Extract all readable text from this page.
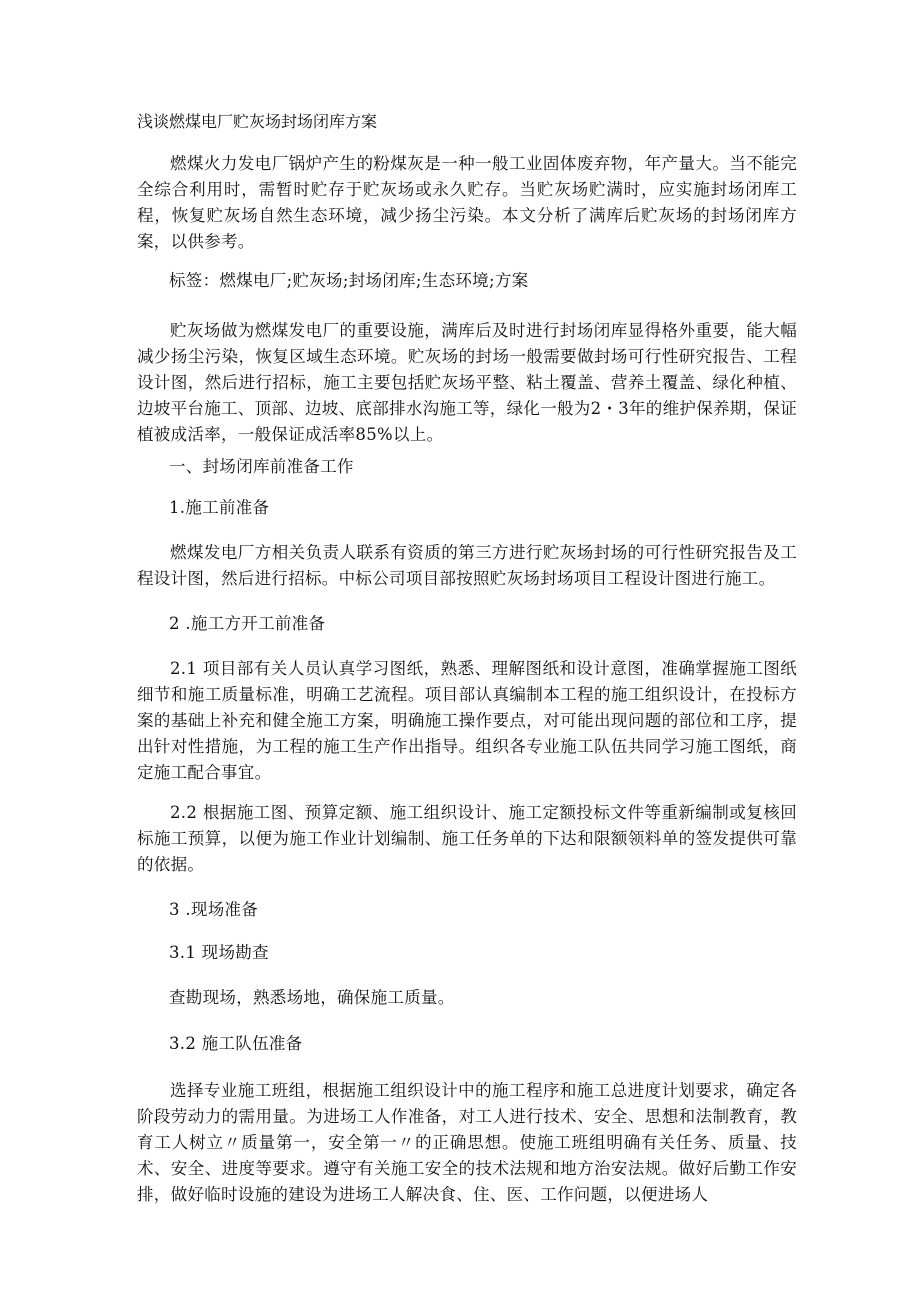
浅谈燃煤电厂贮灰场封场闭库方案

燃煤火力发电厂锅炉产生的粉煤灰是一种一般工业固体废弃物，年产量大。当不能完全综合利用时，需暂时贮存于贮灰场或永久贮存。当贮灰场贮满时，应实施封场闭库工程，恢复贮灰场自然生态环境，减少扬尘污染。本文分析了满库后贮灰场的封场闭库方案，以供参考。

标签：燃煤电厂;贮灰场;封场闭库;生态环境;方案

贮灰场做为燃煤发电厂的重要设施，满库后及时进行封场闭库显得格外重要，能大幅减少扬尘污染，恢复区域生态环境。贮灰场的封场一般需要做封场可行性研究报告、工程设计图，然后进行招标，施工主要包括贮灰场平整、粘土覆盖、营养土覆盖、绿化种植、边坡平台施工、顶部、边坡、底部排水沟施工等，绿化一般为2・3年的维护保养期，保证植被成活率，一般保证成活率85%以上。

一、封场闭库前准备工作

1.施工前准备

燃煤发电厂方相关负责人联系有资质的第三方进行贮灰场封场的可行性研究报告及工程设计图，然后进行招标。中标公司项目部按照贮灰场封场项目工程设计图进行施工。

2 .施工方开工前准备

2.1 项目部有关人员认真学习图纸，熟悉、理解图纸和设计意图，准确掌握施工图纸细节和施工质量标准，明确工艺流程。项目部认真编制本工程的施工组织设计，在投标方案的基础上补充和健全施工方案，明确施工操作要点，对可能出现问题的部位和工序，提出针对性措施，为工程的施工生产作出指导。组织各专业施工队伍共同学习施工图纸，商定施工配合事宜。

2.2 根据施工图、预算定额、施工组织设计、施工定额投标文件等重新编制或复核回标施工预算，以便为施工作业计划编制、施工任务单的下达和限额领料单的签发提供可靠的依据。

3 .现场准备

3.1 现场勘查

查勘现场，熟悉场地，确保施工质量。

3.2 施工队伍准备

选择专业施工班组，根据施工组织设计中的施工程序和施工总进度计划要求，确定各阶段劳动力的需用量。为进场工人作准备，对工人进行技术、安全、思想和法制教育，教育工人树立〃质量第一，安全第一〃的正确思想。使施工班组明确有关任务、质量、技术、安全、进度等要求。遵守有关施工安全的技术法规和地方治安法规。做好后勤工作安排，做好临时设施的建设为进场工人解决食、住、医、工作问题，以便进场人
